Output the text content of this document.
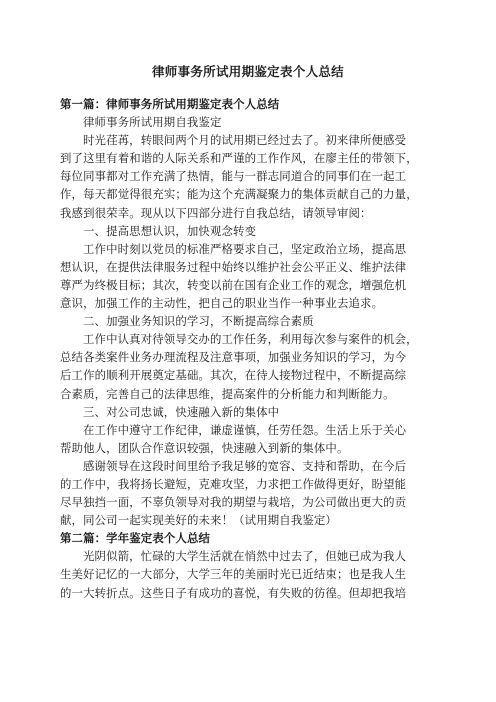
律师事务所试用期鉴定表个人总结
第一篇：律师事务所试用期鉴定表个人总结
律师事务所试用期自我鉴定
时光荏苒，转眼间两个月的试用期已经过去了。初来律所便感受
到了这里有着和谐的人际关系和严谨的工作作风，在廖主任的带领下，
每位同事都对工作充满了热情，能与一群志同道合的同事们在一起工
作，每天都觉得很充实；能为这个充满凝聚力的集体贡献自己的力量，
我感到很荣幸。现从以下四部分进行自我总结，请领导审阅：
一、提高思想认识，加快观念转变
工作中时刻以党员的标准严格要求自己，坚定政治立场，提高思
想认识，在提供法律服务过程中始终以维护社会公平正义、维护法律
尊严为终极目标；其次，转变以前在国有企业工作的观念，增强危机
意识，加强工作的主动性，把自己的职业当作一种事业去追求。
二、加强业务知识的学习，不断提高综合素质
工作中认真对待领导交办的工作任务，利用每次参与案件的机会，
总结各类案件业务办理流程及注意事项，加强业务知识的学习，为今
后工作的顺利开展奠定基础。其次，在待人接物过程中，不断提高综
合素质，完善自己的法律思维，提高案件的分析能力和判断能力。
三、对公司忠诚，快速融入新的集体中
在工作中遵守工作纪律，谦虚谨慎，任劳任怨。生活上乐于关心
帮助他人，团队合作意识较强，快速融入到新的集体中。
感谢领导在这段时间里给予我足够的宽容、支持和帮助，在今后
的工作中，我将扬长避短，克难攻坚，力求把工作做得更好，盼望能
尽早独挡一面，不辜负领导对我的期望与栽培，为公司做出更大的贡
献，同公司一起实现美好的未来！（试用期自我鉴定）
第二篇：学年鉴定表个人总结
光阴似箭，忙碌的大学生活就在悄然中过去了，但她已成为我人
生美好记忆的一大部分，大学三年的美丽时光已近结束；也是我人生
的一大转折点。这些日子有成功的喜悦，有失败的彷徨。但却把我培
